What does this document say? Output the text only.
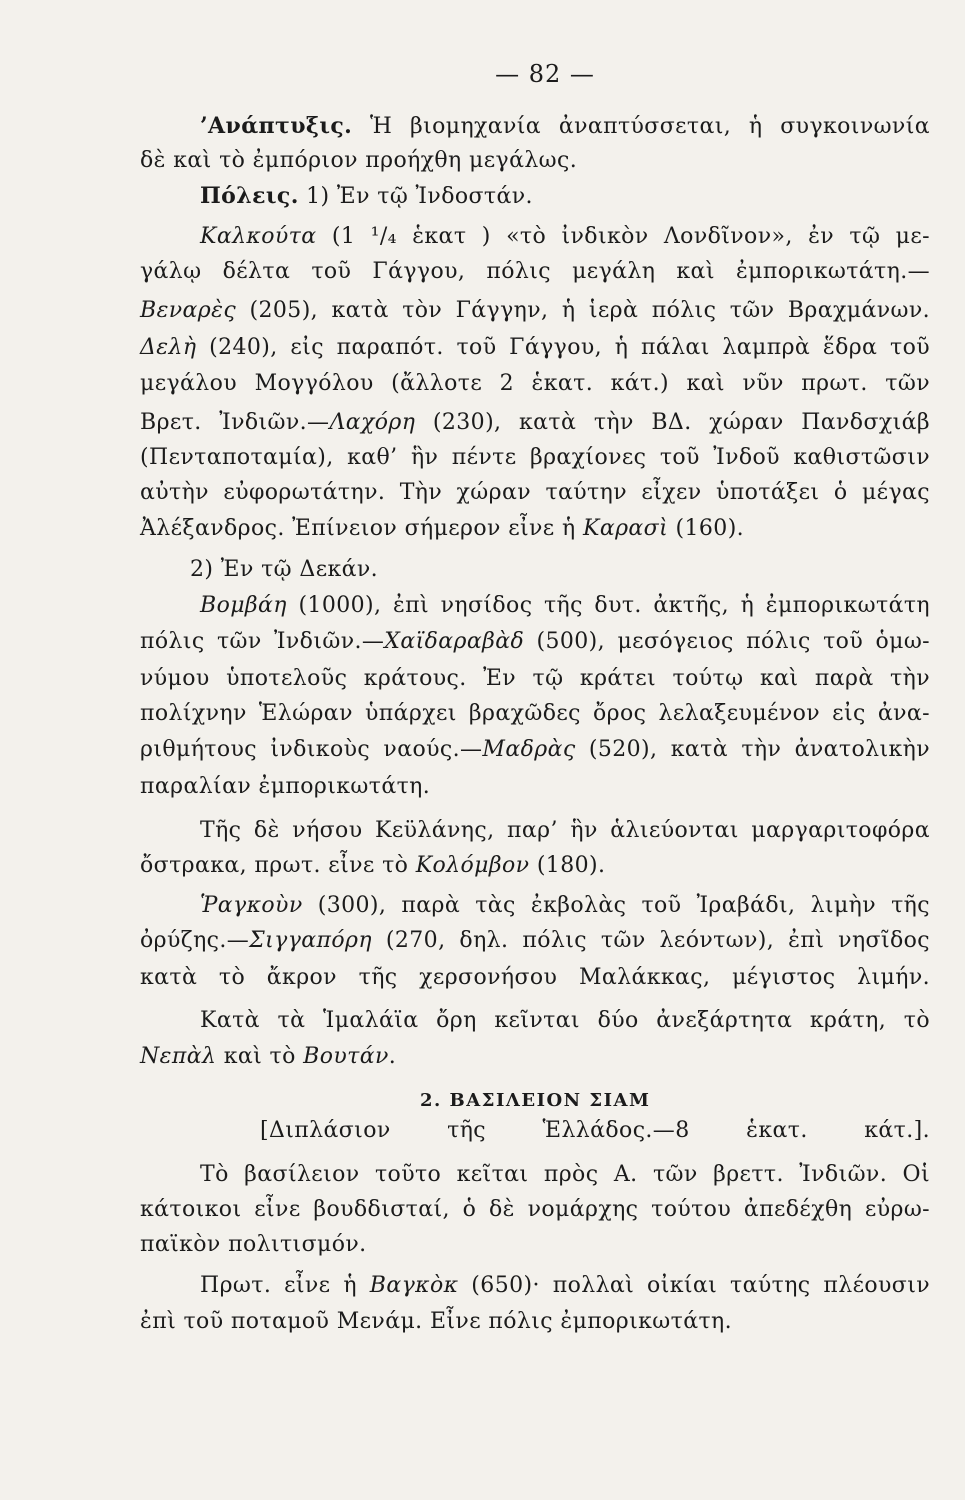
— 82 —
’Ανάπτυξις. Ἡ βιομηχανία ἀναπτύσσεται, ἡ συγκοινωνία
δὲ καὶ τὸ ἐμπόριον προήχθη μεγάλως.
Πόλεις. 1) Ἐν τῷ Ἰνδοστάν.
Καλκούτα (1 ¹/₄ ἑκατ ) «τὸ ἰνδικὸν Λονδῖνον», ἐν τῷ με-
γάλῳ δέλτα τοῦ Γάγγου, πόλις μεγάλη καὶ ἐμπορικωτάτη.—
Βεναρὲς (205), κατὰ τὸν Γάγγην, ἡ ἱερὰ πόλις τῶν Βραχμάνων.
Δελὴ (240), εἰς παραπότ. τοῦ Γάγγου, ἡ πάλαι λαμπρὰ ἕδρα τοῦ
μεγάλου Μογγόλου (ἄλλοτε 2 ἑκατ. κάτ.) καὶ νῦν πρωτ. τῶν
Βρετ. Ἰνδιῶν.—Λαχόρη (230), κατὰ τὴν ΒΔ. χώραν Πανδσχιάβ
(Πενταποταμία), καθ’ ἣν πέντε βραχίονες τοῦ Ἰνδοῦ καθιστῶσιν
αὐτὴν εὐφορωτάτην. Τὴν χώραν ταύτην εἶχεν ὑποτάξει ὁ μέγας
Ἀλέξανδρος. Ἐπίνειον σήμερον εἶνε ἡ Καρασὶ (160).
2) Ἐν τῷ Δεκάν.
Βομβάη (1000), ἐπὶ νησίδος τῆς δυτ. ἀκτῆς, ἡ ἐμπορικωτάτη
πόλις τῶν Ἰνδιῶν.—Χαϊδαραβὰδ (500), μεσόγειος πόλις τοῦ ὁμω-
νύμου ὑποτελοῦς κράτους. Ἐν τῷ κράτει τούτῳ καὶ παρὰ τὴν
πολίχνην Ἑλώραν ὑπάρχει βραχῶδες ὄρος λελαξευμένον εἰς ἀνα-
ριθμήτους ἰνδικοὺς ναούς.—Μαδρὰς (520), κατὰ τὴν ἀνατολικὴν
παραλίαν ἐμπορικωτάτη.
Τῆς δὲ νήσου Κεϋλάνης, παρ’ ἣν ἁλιεύονται μαργαριτοφόρα
ὄστρακα, πρωτ. εἶνε τὸ Κολόμβον (180).
Ῥαγκοὺν (300), παρὰ τὰς ἐκβολὰς τοῦ Ἰραβάδι, λιμὴν τῆς
ὀρύζης.—Σιγγαπόρη (270, δηλ. πόλις τῶν λεόντων), ἐπὶ νησῖδος
κατὰ τὸ ἄκρον τῆς χερσονήσου Μαλάκκας, μέγιστος λιμήν.
Κατὰ τὰ Ἱμαλάϊα ὄρη κεῖνται δύο ἀνεξάρτητα κράτη, τὸ
Νεπὰλ καὶ τὸ Βουτάν.
2. ΒΑΣΙΛΕΙΟΝ ΣΙΑΜ
[Διπλάσιον τῆς Ἑλλάδος.—8 ἑκατ. κάτ.].
Τὸ βασίλειον τοῦτο κεῖται πρὸς Α. τῶν βρεττ. Ἰνδιῶν. Οἱ
κάτοικοι εἶνε βουδδισταί, ὁ δὲ νομάρχης τούτου ἀπεδέχθη εὐρω-
παϊκὸν πολιτισμόν.
Πρωτ. εἶνε ἡ Βαγκὸκ (650)· πολλαὶ οἰκίαι ταύτης πλέουσιν
ἐπὶ τοῦ ποταμοῦ Μενάμ. Εἶνε πόλις ἐμπορικωτάτη.
